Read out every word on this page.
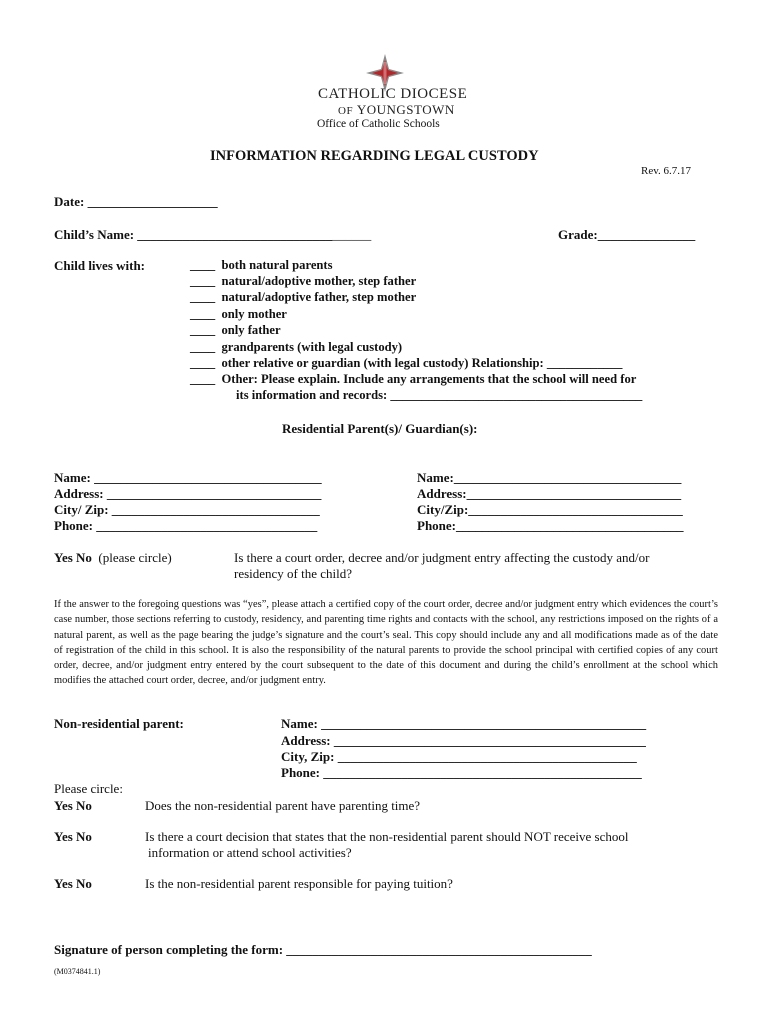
CATHOLIC DIOCESE
OF YOUNGSTOWN
Office of Catholic Schools
INFORMATION REGARDING LEGAL CUSTODY
Rev. 6.7.17
Date: ____________________
Child’s Name: ____________________________________	Grade:_______________
Child lives with:	____ both natural parents
____ natural/adoptive mother, step father
____ natural/adoptive father, step mother
____ only mother
____ only father
____ grandparents (with legal custody)
____ other relative or guardian (with legal custody) Relationship: ____________
____ Other: Please explain. Include any arrangements that the school will need for
its information and records: ________________________________________
Residential Parent(s)/ Guardian(s):
Name: ___________________________________
Address: _________________________________
City/ Zip: ________________________________
Phone: __________________________________
Name:___________________________________
Address:_________________________________
City/Zip:_________________________________
Phone:___________________________________
Yes No (please circle)	Is there a court order, decree and/or judgment entry affecting the custody and/or
residency of the child?
If the answer to the foregoing questions was “yes”, please attach a certified copy of the court order, decree and/or judgment entry which evidences the court’s case number, those sections referring to custody, residency, and parenting time rights and contacts with the school, any restrictions imposed on the rights of a natural parent, as well as the page bearing the judge’s signature and the court’s seal. This copy should include any and all modifications made as of the date of registration of the child in this school. It is also the responsibility of the natural parents to provide the school principal with certified copies of any court order, decree, and/or judgment entry entered by the court subsequent to the date of this document and during the child’s enrollment at the school which modifies the attached court order, decree, and/or judgment entry.
Non-residential parent:	Name: __________________________________________________
Address: ________________________________________________
City, Zip: ______________________________________________
Phone: _________________________________________________
Please circle:
Yes No	Does the non-residential parent have parenting time?
Yes No	Is there a court decision that states that the non-residential parent should NOT receive school
information or attend school activities?
Yes No	Is the non-residential parent responsible for paying tuition?
Signature of person completing the form: _______________________________________________
(M0374841.1)
